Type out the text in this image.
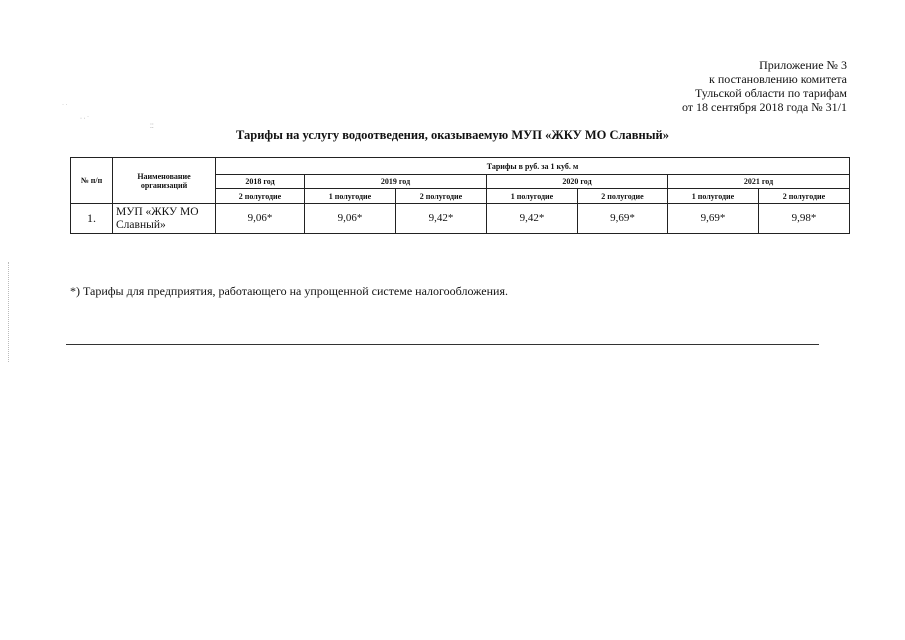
Приложение № 3
к постановлению комитета
Тульской области по тарифам
от 18 сентября 2018 года № 31/1
˙ ˙
· · ˙
⁚⁚
Тарифы на услугу водоотведения, оказываемую МУП «ЖКУ МО Славный»
№ п/п	Наименование организаций	Тарифы в руб. за 1 куб. м						
		2018 год	2019 год		2020 год		2021 год	
		2 полугодие	1 полугодие	2 полугодие	1 полугодие	2 полугодие	1 полугодие	2 полугодие
1.	МУП «ЖКУ МО Славный»	9,06*	9,06*	9,42*	9,42*	9,69*	9,69*	9,98*
*) Тарифы для предприятия, работающего на упрощенной системе налогообложения.
